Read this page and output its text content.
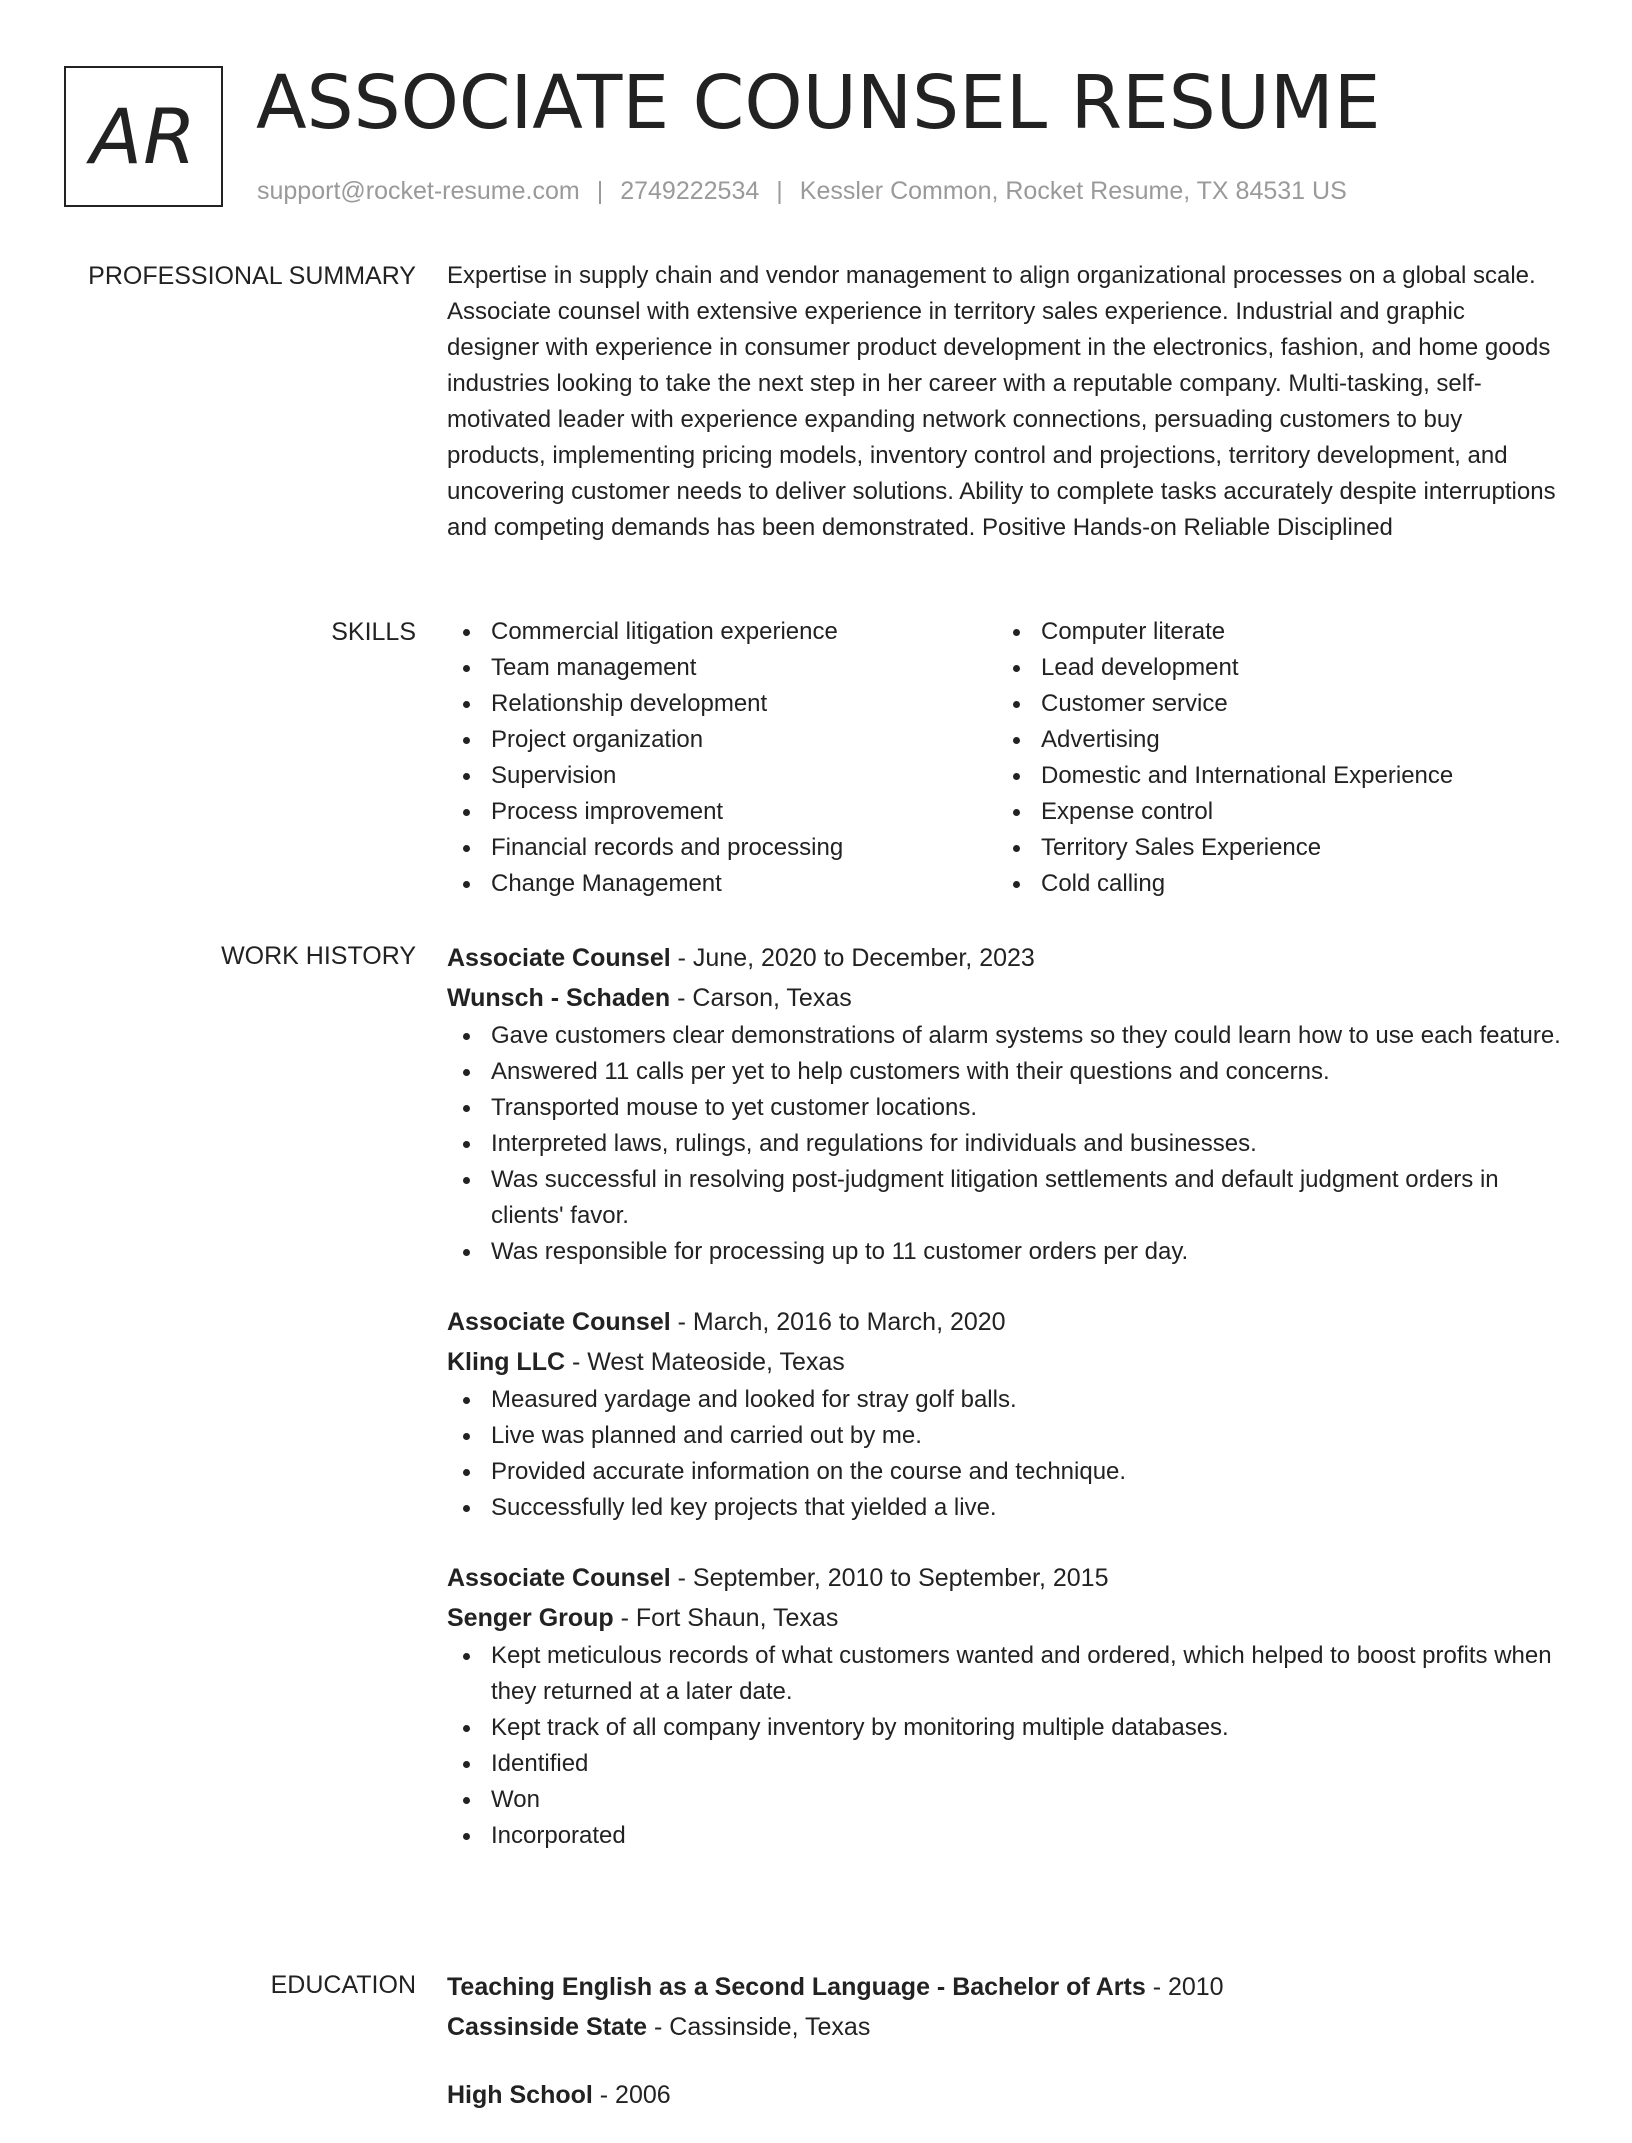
AR ASSOCIATE COUNSEL RESUME
support@rocket-resume.com | 2749222534 | Kessler Common, Rocket Resume, TX 84531 US
PROFESSIONAL SUMMARY Expertise in supply chain and vendor management to align organizational processes on a global scale. Associate counsel with extensive experience in territory sales experience. Industrial and graphic designer with experience in consumer product development in the electronics, fashion, and home goods industries looking to take the next step in her career with a reputable company. Multi-tasking, self-motivated leader with experience expanding network connections, persuading customers to buy products, implementing pricing models, inventory control and projections, territory development, and uncovering customer needs to deliver solutions. Ability to complete tasks accurately despite interruptions and competing demands has been demonstrated. Positive Hands-on Reliable Disciplined

SKILLS	Commercial litigation experience
Team management
Relationship development
Project organization
Supervision
Process improvement
Financial records and processing
Change Management
Computer literate
Lead development
Customer service
Advertising
Domestic and International Experience
Expense control
Territory Sales Experience
Cold calling
WORK HISTORY Associate Counsel - June, 2020 to December, 2023
Wunsch - Schaden - Carson, Texas
Gave customers clear demonstrations of alarm systems so they could learn how to use each feature.
Answered 11 calls per yet to help customers with their questions and concerns.
Transported mouse to yet customer locations.
Interpreted laws, rulings, and regulations for individuals and businesses.
Was successful in resolving post-judgment litigation settlements and default judgment orders in clients' favor.
Was responsible for processing up to 11 customer orders per day.
Associate Counsel - March, 2016 to March, 2020
Kling LLC - West Mateoside, Texas
Measured yardage and looked for stray golf balls.
Live was planned and carried out by me.
Provided accurate information on the course and technique.
Successfully led key projects that yielded a live.
Associate Counsel - September, 2010 to September, 2015
Senger Group - Fort Shaun, Texas
Kept meticulous records of what customers wanted and ordered, which helped to boost profits when they returned at a later date.
Kept track of all company inventory by monitoring multiple databases.
Identified
Won
Incorporated
EDUCATION Teaching English as a Second Language - Bachelor of Arts - 2010
Cassinside State - Cassinside, Texas
High School - 2006
